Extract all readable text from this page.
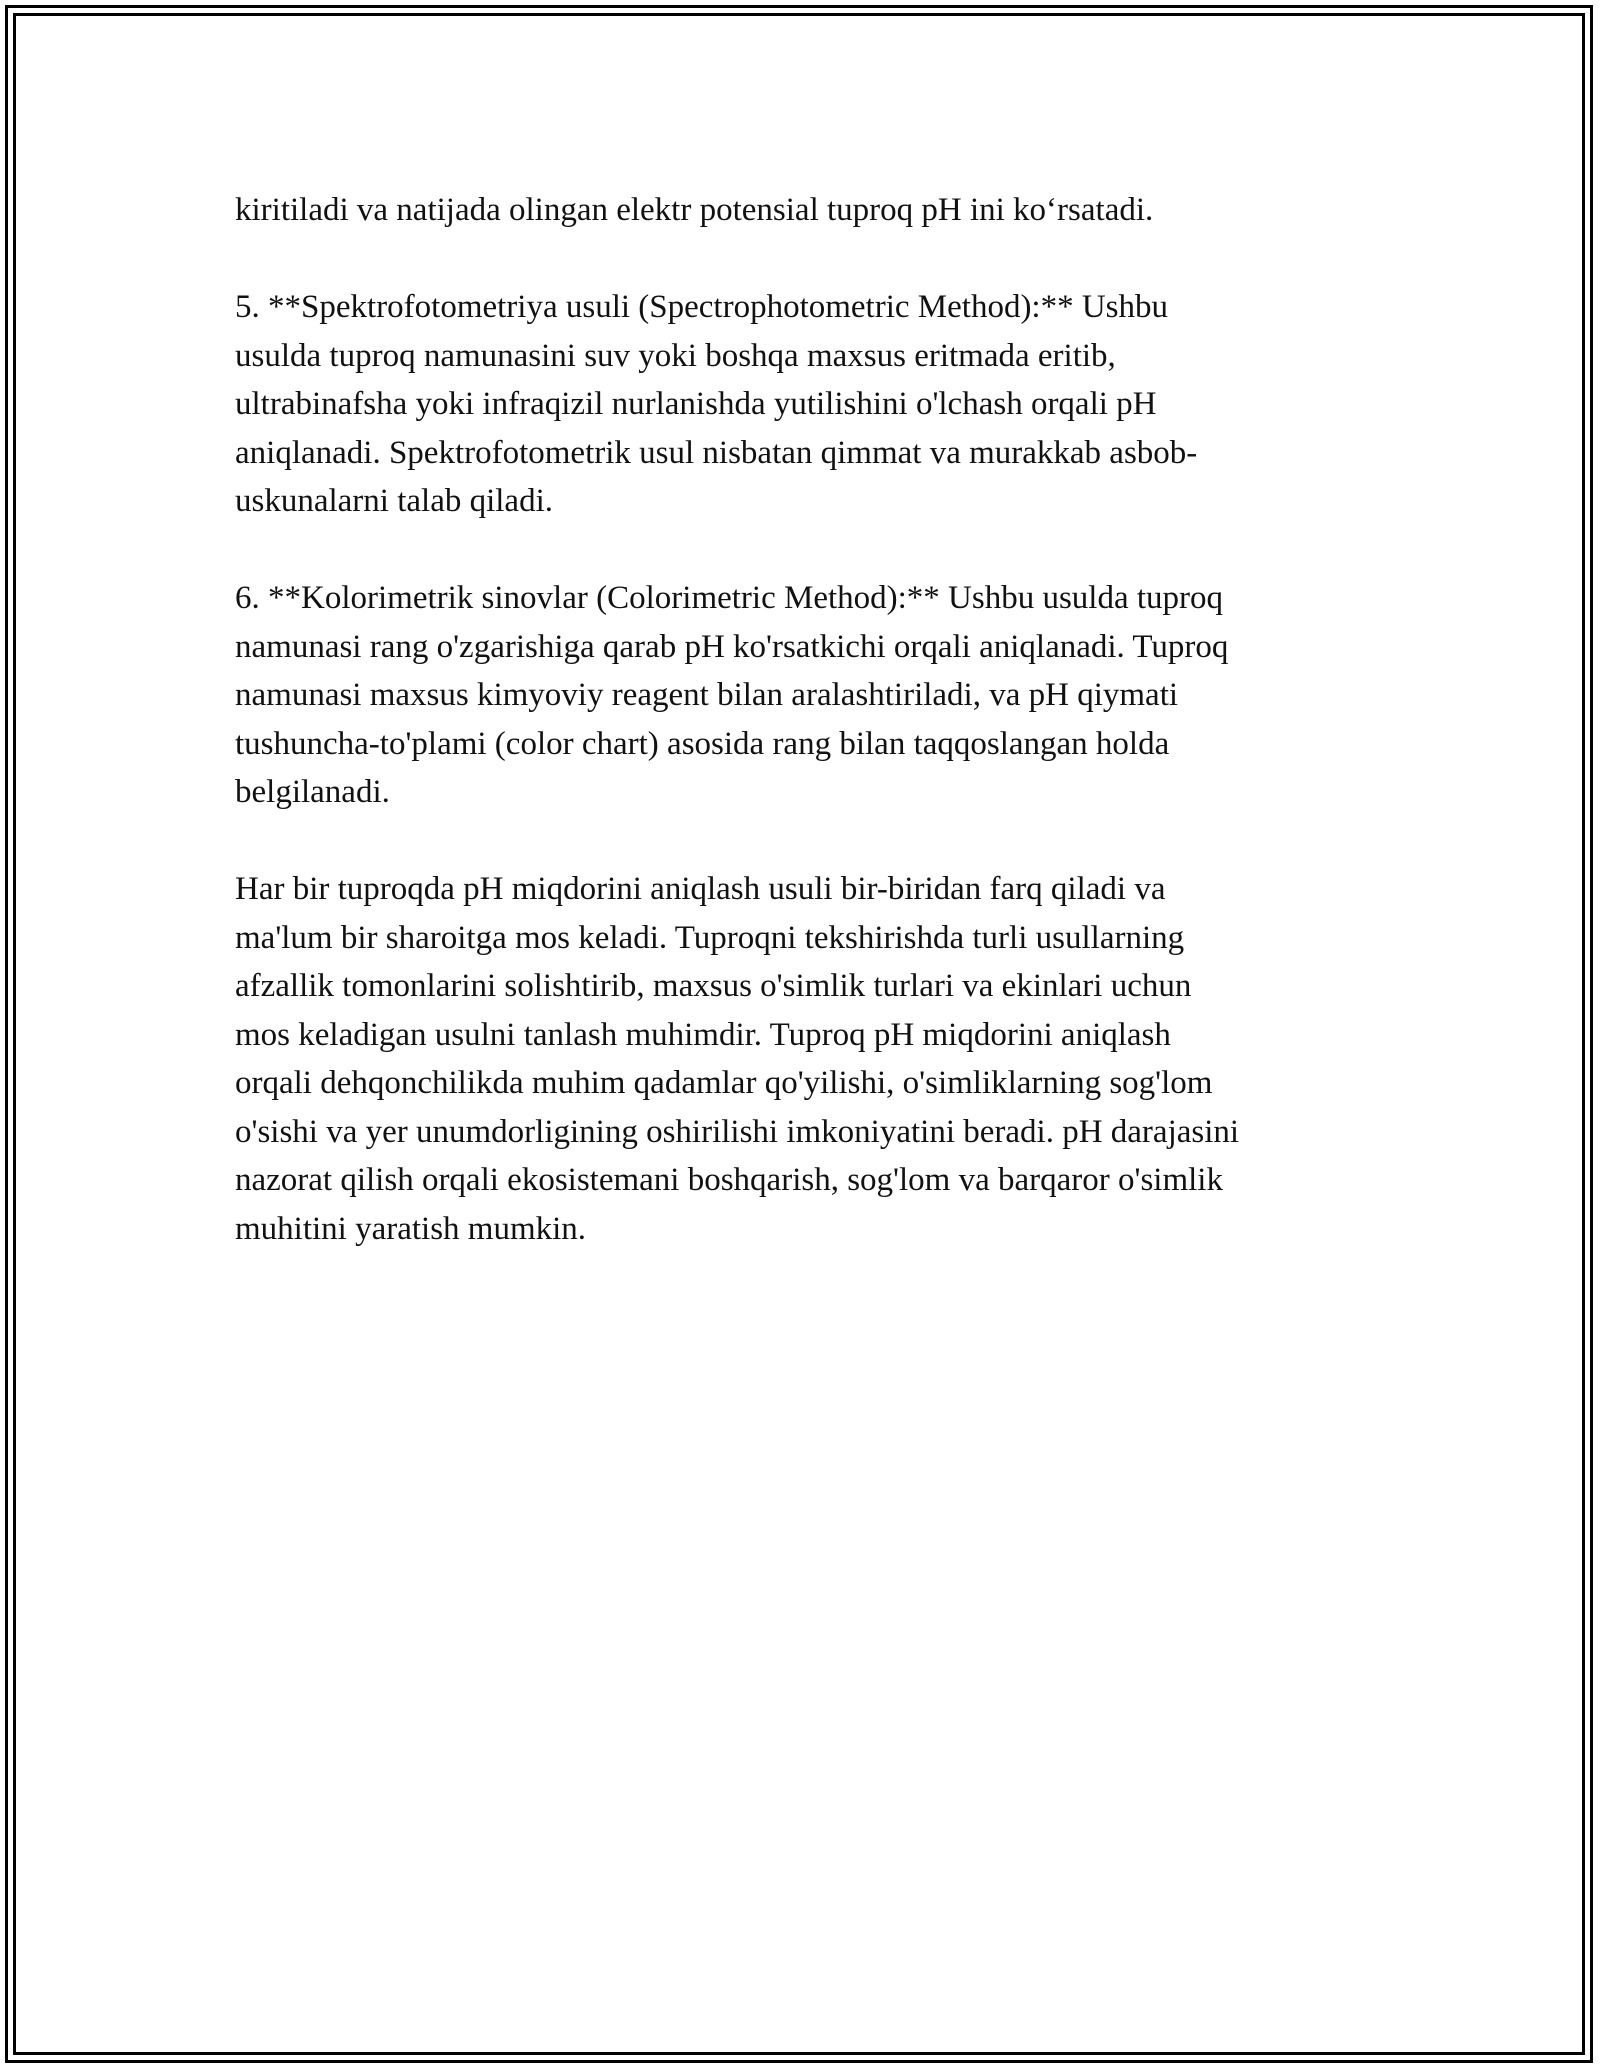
kiritiladi va natijada olingan elektr potensial tuproq pH ini koʻrsatadi.

5. **Spektrofotometriya usuli (Spectrophotometric Method):** Ushbu
usulda tuproq namunasini suv yoki boshqa maxsus eritmada eritib,
ultrabinafsha yoki infraqizil nurlanishda yutilishini o'lchash orqali pH
aniqlanadi. Spektrofotometrik usul nisbatan qimmat va murakkab asbob-
uskunalarni talab qiladi.

6. **Kolorimetrik sinovlar (Colorimetric Method):** Ushbu usulda tuproq
namunasi rang o'zgarishiga qarab pH ko'rsatkichi orqali aniqlanadi. Tuproq
namunasi maxsus kimyoviy reagent bilan aralashtiriladi, va pH qiymati
tushuncha-to'plami (color chart) asosida rang bilan taqqoslangan holda
belgilanadi.

Har bir tuproqda pH miqdorini aniqlash usuli bir-biridan farq qiladi va
ma'lum bir sharoitga mos keladi. Tuproqni tekshirishda turli usullarning
afzallik tomonlarini solishtirib, maxsus o'simlik turlari va ekinlari uchun
mos keladigan usulni tanlash muhimdir. Tuproq pH miqdorini aniqlash
orqali dehqonchilikda muhim qadamlar qo'yilishi, o'simliklarning sog'lom
o'sishi va yer unumdorligining oshirilishi imkoniyatini beradi. pH darajasini
nazorat qilish orqali ekosistemani boshqarish, sog'lom va barqaror o'simlik
muhitini yaratish mumkin.
